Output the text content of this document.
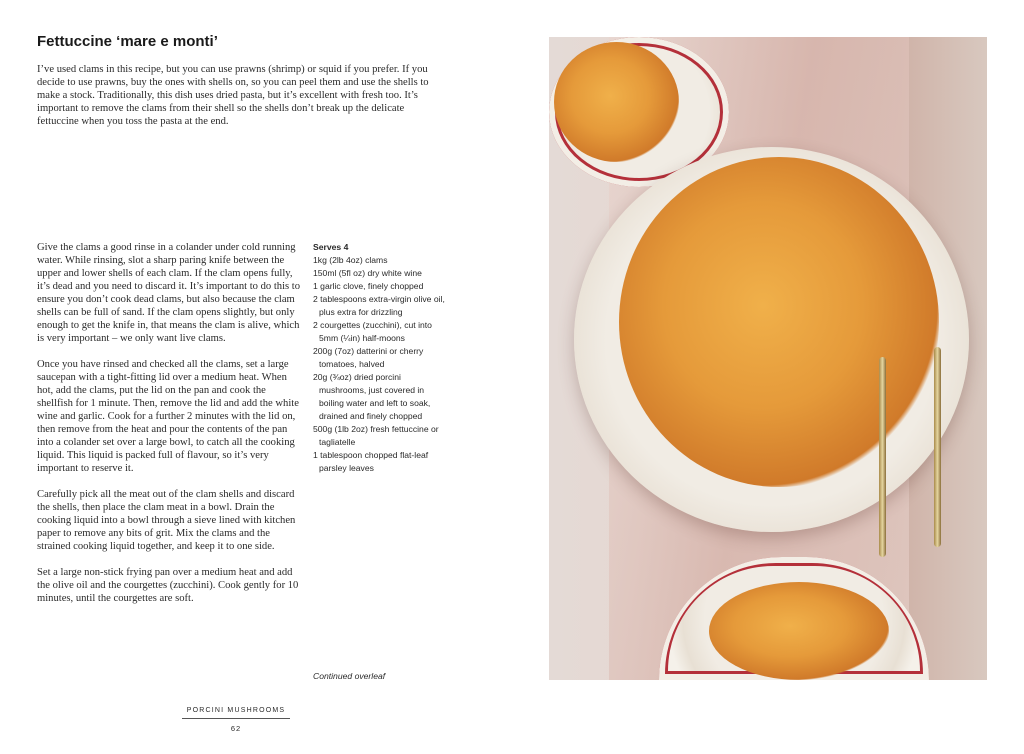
Fettuccine ‘mare e monti’

I’ve used clams in this recipe, but you can use prawns (shrimp) or squid if you prefer. If you decide to use prawns, buy the ones with shells on, so you can peel them and use the shells to make a stock. Traditionally, this dish uses dried pasta, but it’s excellent with fresh too. It’s important to remove the clams from their shell so the shells don’t break up the delicate fettuccine when you toss the pasta at the end.

Give the clams a good rinse in a colander under cold running water. While rinsing, slot a sharp paring knife between the upper and lower shells of each clam. If the clam opens fully, it’s dead and you need to discard it. It’s important to do this to ensure you don’t cook dead clams, but also because the clam shells can be full of sand. If the clam opens slightly, but only enough to get the knife in, that means the clam is alive, which is very important – we only want live clams.

Once you have rinsed and checked all the clams, set a large saucepan with a tight-fitting lid over a medium heat. When hot, add the clams, put the lid on the pan and cook the shellfish for 1 minute. Then, remove the lid and add the white wine and garlic. Cook for a further 2 minutes with the lid on, then remove from the heat and pour the contents of the pan into a colander set over a large bowl, to catch all the cooking liquid. This liquid is packed full of flavour, so it’s very important to reserve it.

Carefully pick all the meat out of the clam shells and discard the shells, then place the clam meat in a bowl. Drain the cooking liquid into a bowl through a sieve lined with kitchen paper to remove any bits of grit. Mix the clams and the strained cooking liquid together, and keep it to one side.

Set a large non-stick frying pan over a medium heat and add the olive oil and the courgettes (zucchini). Cook gently for 10 minutes, until the courgettes are soft.

Serves 4
1kg (2lb 4oz) clams
150ml (5fl oz) dry white wine
1 garlic clove, finely chopped
2 tablespoons extra-virgin olive oil, plus extra for drizzling
2 courgettes (zucchini), cut into 5mm (¼in) half-moons
200g (7oz) datterini or cherry tomatoes, halved
20g (¾oz) dried porcini mushrooms, just covered in boiling water and left to soak, drained and finely chopped
500g (1lb 2oz) fresh fettuccine or tagliatelle
1 tablespoon chopped flat-leaf parsley leaves
Continued overleaf
PORCINI MUSHROOMS
62
